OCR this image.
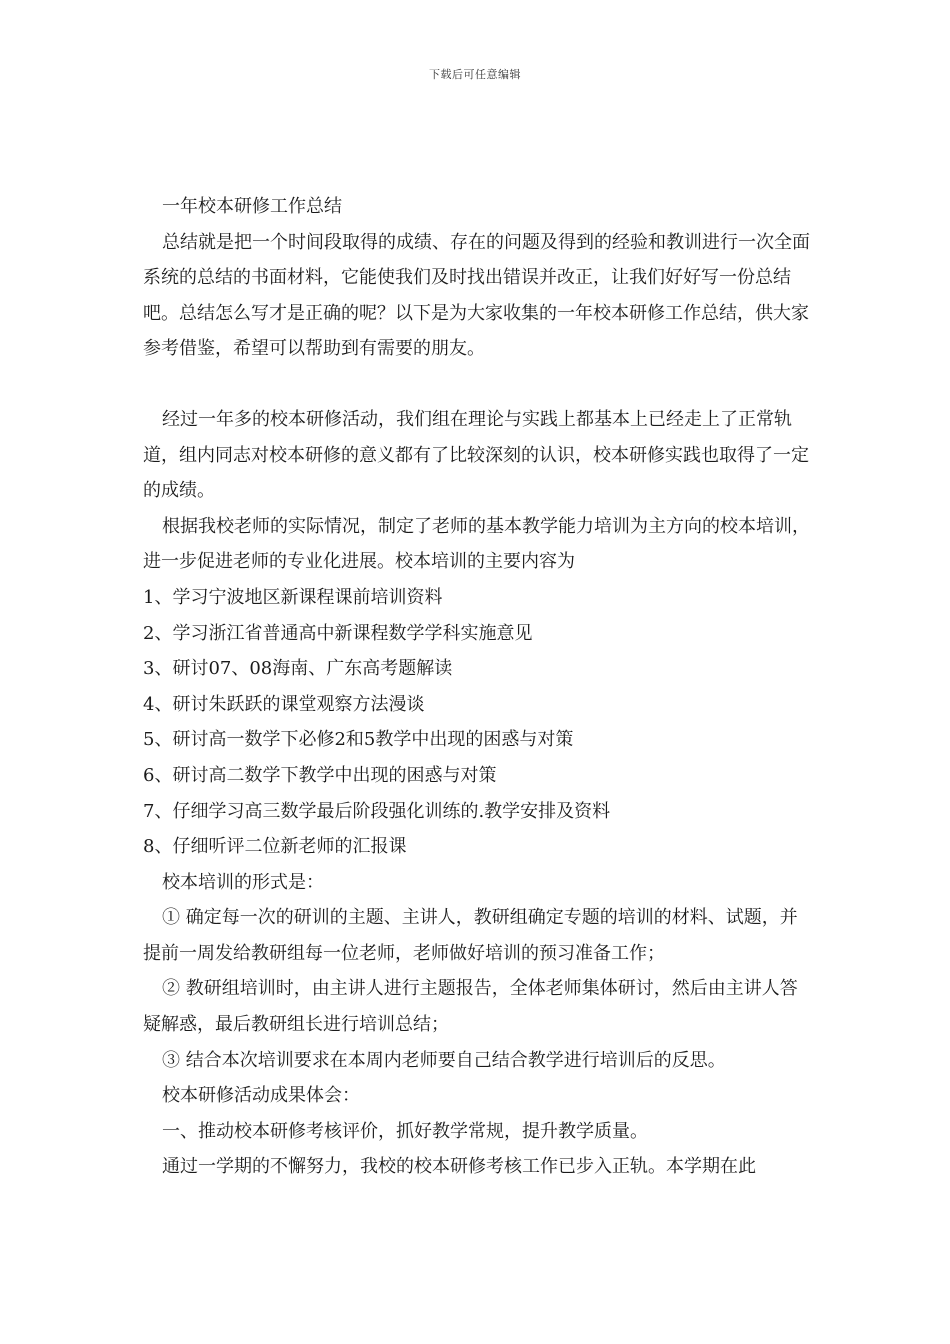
下载后可任意编辑

一年校本研修工作总结

总结就是把一个时间段取得的成绩、存在的问题及得到的经验和教训进行一次全面系统的总结的书面材料，它能使我们及时找出错误并改正，让我们好好写一份总结吧。总结怎么写才是正确的呢？以下是为大家收集的一年校本研修工作总结，供大家参考借鉴，希望可以帮助到有需要的朋友。

经过一年多的校本研修活动，我们组在理论与实践上都基本上已经走上了正常轨道，组内同志对校本研修的意义都有了比较深刻的认识，校本研修实践也取得了一定的成绩。

根据我校老师的实际情况，制定了老师的基本教学能力培训为主方向的校本培训，进一步促进老师的专业化进展。校本培训的主要内容为

1、学习宁波地区新课程课前培训资料

2、学习浙江省普通高中新课程数学学科实施意见

3、研讨07、08海南、广东高考题解读

4、研讨朱跃跃的课堂观察方法漫谈

5、研讨高一数学下必修2和5教学中出现的困惑与对策

6、研讨高二数学下教学中出现的困惑与对策

7、仔细学习高三数学最后阶段强化训练的.教学安排及资料

8、仔细听评二位新老师的汇报课

校本培训的形式是：

① 确定每一次的研训的主题、主讲人，教研组确定专题的培训的材料、试题，并提前一周发给教研组每一位老师，老师做好培训的预习准备工作；

② 教研组培训时，由主讲人进行主题报告，全体老师集体研讨，然后由主讲人答疑解惑，最后教研组长进行培训总结；

③ 结合本次培训要求在本周内老师要自己结合教学进行培训后的反思。

校本研修活动成果体会：

一、推动校本研修考核评价，抓好教学常规，提升教学质量。

通过一学期的不懈努力，我校的校本研修考核工作已步入正轨。本学期在此
